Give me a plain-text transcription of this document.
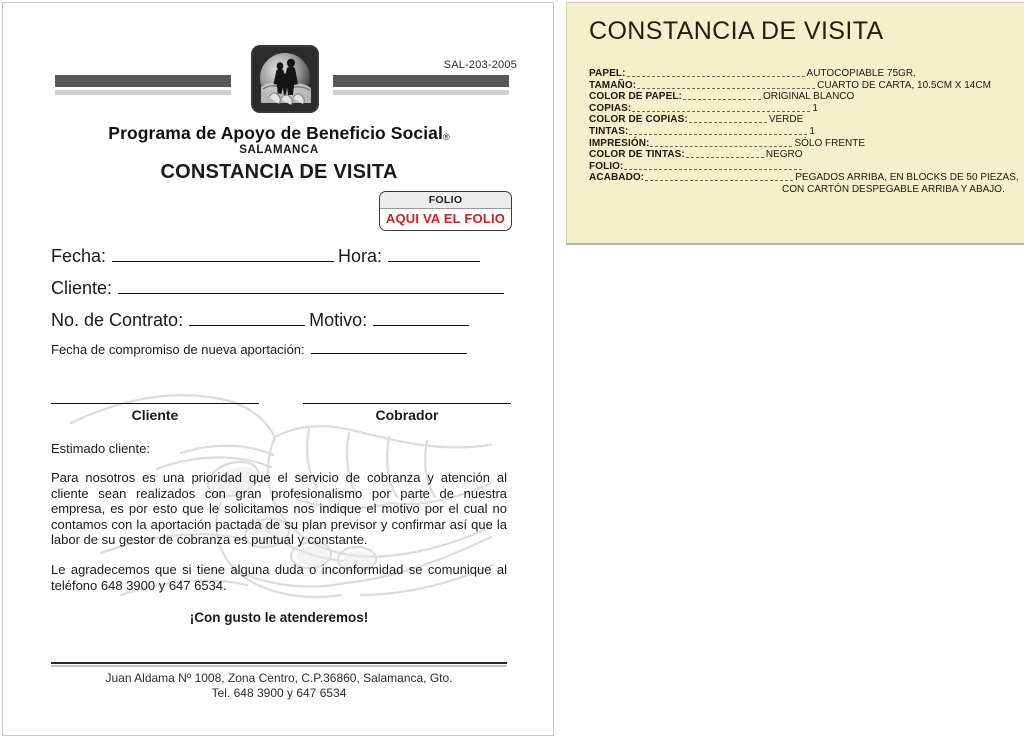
SAL-203-2005
Programa de Apoyo de Beneficio Social®
SALAMANCA
CONSTANCIA DE VISITA
FOLIO
AQUI VA EL FOLIO
Fecha:	Hora:
Cliente:
No. de Contrato:	Motivo:
Fecha de compromiso de nueva aportación:
Cliente	Cobrador
Estimado cliente:
Para nosotros es una prioridad que el servicio de cobranza y atención al cliente sean realizados con gran profesionalismo por parte de nuestra empresa, es por esto que le solicitamos nos indique el motivo por el cual no contamos con la aportación pactada de su plan previsor y confirmar así que la labor de su gestor de cobranza es puntual y constante.
Le agradecemos que si tiene alguna duda o inconformidad se comunique al teléfono 648 3900 y 647 6534.
¡Con gusto le atenderemos!
Juan Aldama Nº 1008, Zona Centro, C.P.36860, Salamanca, Gto.
Tel. 648 3900 y 647 6534
CONSTANCIA DE VISITA
PAPEL:	AUTOCOPIABLE 75GR.
TAMAÑO:	CUARTO DE CARTA, 10.5CM X 14CM
COLOR DE PAPEL:	ORIGINAL BLANCO
COPIAS:	1
COLOR DE COPIAS:	VERDE
TINTAS:	1
IMPRESIÓN:	SÓLO FRENTE
COLOR DE TINTAS:	NEGRO
FOLIO:
ACABADO:	PEGADOS ARRIBA, EN BLOCKS DE 50 PIEZAS,
CON CARTÓN DESPEGABLE ARRIBA Y ABAJO.
